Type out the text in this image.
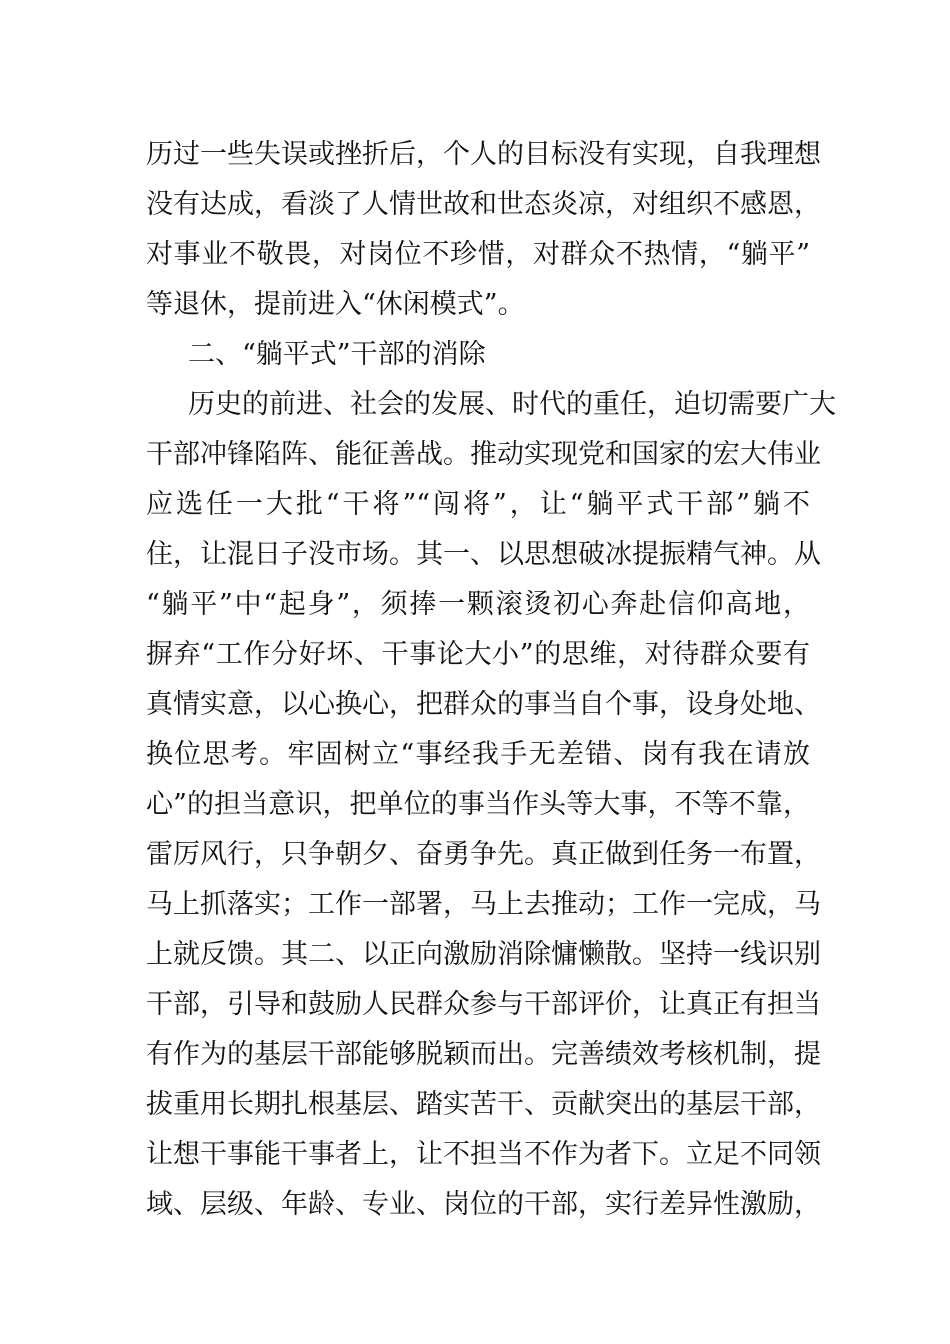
历过一些失误或挫折后，个人的目标没有实现，自我理想
没有达成，看淡了人情世故和世态炎凉，对组织不感恩，
对事业不敬畏，对岗位不珍惜，对群众不热情，“躺平”
等退休，提前进入“休闲模式”。
二、“躺平式”干部的消除
历史的前进、社会的发展、时代的重任，迫切需要广大
干部冲锋陷阵、能征善战。推动实现党和国家的宏大伟业
应选任一大批“干将”“闯将”，让“躺平式干部”躺不
住，让混日子没市场。其一、以思想破冰提振精气神。从
“躺平”中“起身”，须捧一颗滚烫初心奔赴信仰高地，
摒弃“工作分好坏、干事论大小”的思维，对待群众要有
真情实意，以心换心，把群众的事当自个事，设身处地、
换位思考。牢固树立“事经我手无差错、岗有我在请放
心”的担当意识，把单位的事当作头等大事，不等不靠，
雷厉风行，只争朝夕、奋勇争先。真正做到任务一布置，
马上抓落实；工作一部署，马上去推动；工作一完成，马
上就反馈。其二、以正向激励消除慵懒散。坚持一线识别
干部，引导和鼓励人民群众参与干部评价，让真正有担当
有作为的基层干部能够脱颖而出。完善绩效考核机制，提
拔重用长期扎根基层、踏实苦干、贡献突出的基层干部，
让想干事能干事者上，让不担当不作为者下。立足不同领
域、层级、年龄、专业、岗位的干部，实行差异性激励，
